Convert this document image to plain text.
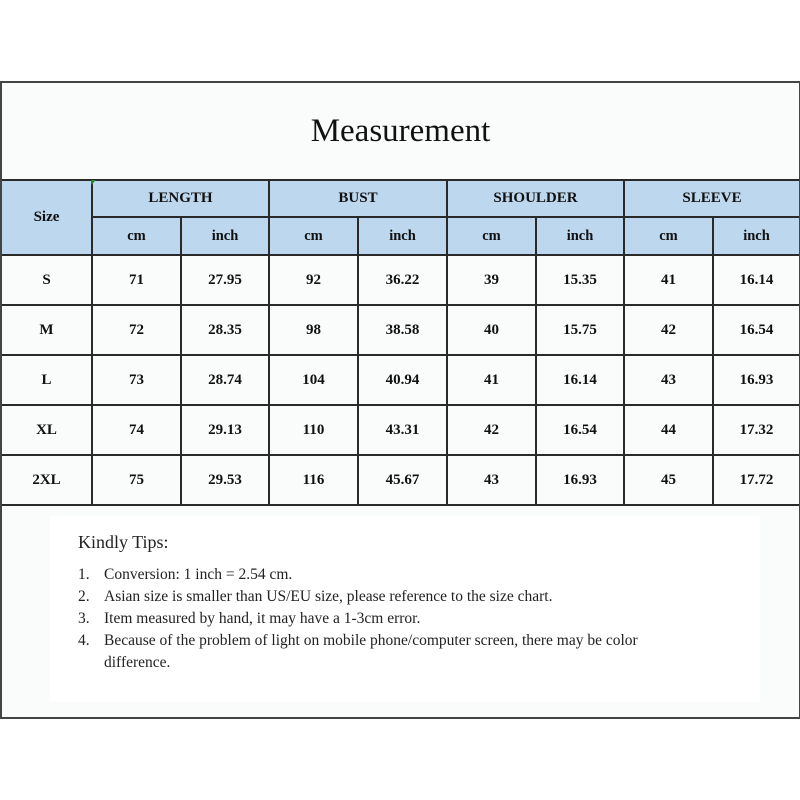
Measurement
Size	LENGTH		BUST		SHOULDER		SLEEVE	
	cm	inch	cm	inch	cm	inch	cm	inch
S	71	27.95	92	36.22	39	15.35	41	16.14
M	72	28.35	98	38.58	40	15.75	42	16.54
L	73	28.74	104	40.94	41	16.14	43	16.93
XL	74	29.13	110	43.31	42	16.54	44	17.32
2XL	75	29.53	116	45.67	43	16.93	45	17.72
Kindly Tips:
1. Conversion: 1 inch = 2.54 cm.
2. Asian size is smaller than US/EU size, please reference to the size chart.
3. Item measured by hand, it may have a 1-3cm error.
4. Because of the problem of light on mobile phone/computer screen, there may be color difference.
